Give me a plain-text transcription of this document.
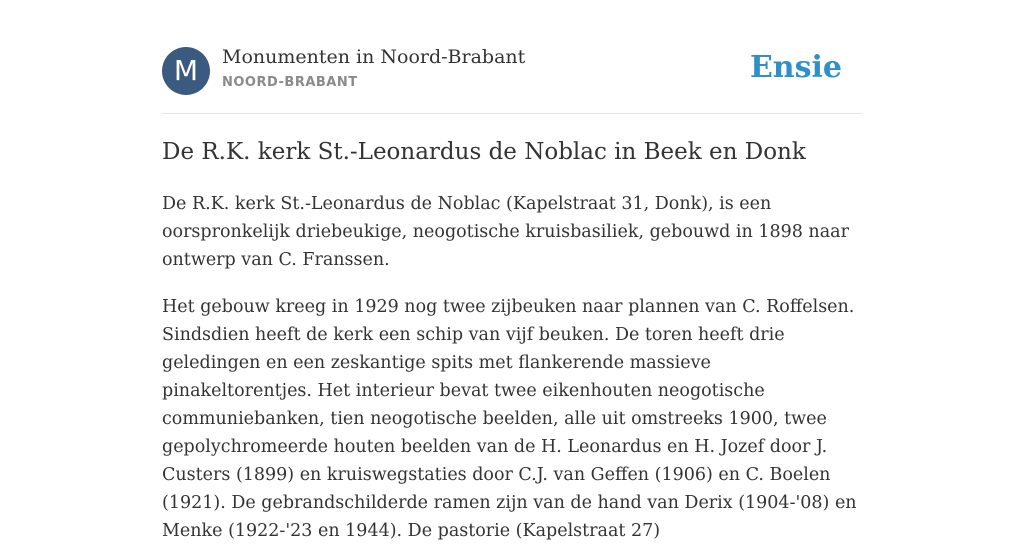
M	Monumenten in Noord-Brabant
NOORD-BRABANT	Ensie
De R.K. kerk St.-Leonardus de Noblac in Beek en Donk

De R.K. kerk St.-Leonardus de Noblac (Kapelstraat 31, Donk), is een oorspronkelijk driebeukige, neogotische kruisbasiliek, gebouwd in 1898 naar ontwerp van C. Franssen.

Het gebouw kreeg in 1929 nog twee zijbeuken naar plannen van C. Roffelsen. Sindsdien heeft de kerk een schip van vijf beuken. De toren heeft drie geledingen en een zeskantige spits met flankerende massieve pinakeltorentjes. Het interieur bevat twee eikenhouten neogotische communiebanken, tien neogotische beelden, alle uit omstreeks 1900, twee gepolychromeerde houten beelden van de H. Leonardus en H. Jozef door J. Custers (1899) en kruiswegstaties door C.J. van Geffen (1906) en C. Boelen (1921). De gebrandschilderde ramen zijn van de hand van Derix (1904-'08) en Menke (1922-'23 en 1944). De pastorie (Kapelstraat 27)
